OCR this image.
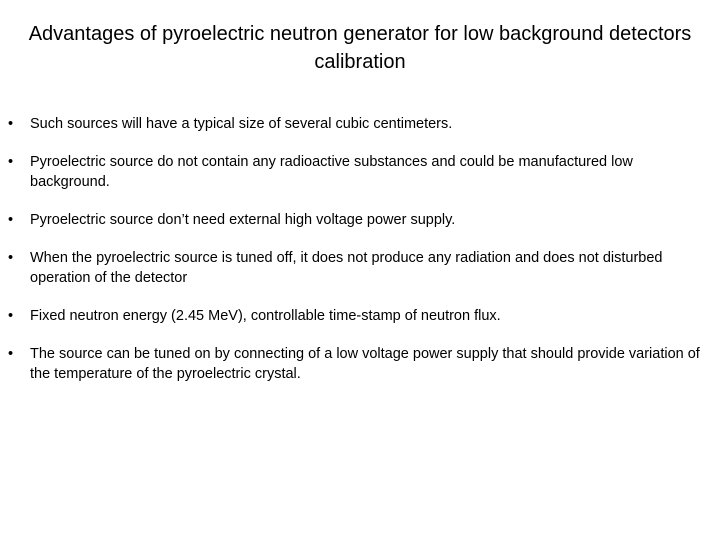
Advantages of pyroelectric neutron generator for low background detectors calibration
•	Such sources will have a typical size of several cubic centimeters.
•	Pyroelectric source do not contain any radioactive substances and could be manufactured low background.
•	Pyroelectric source don’t need external high voltage power supply.
•	When the pyroelectric source is tuned off, it does not produce any radiation and does not disturbed operation of the detector
•	Fixed neutron energy (2.45 MeV), controllable time-stamp of neutron flux.
•	The source can be tuned on by connecting of a low voltage power supply that should provide variation of the temperature of the pyroelectric crystal.
